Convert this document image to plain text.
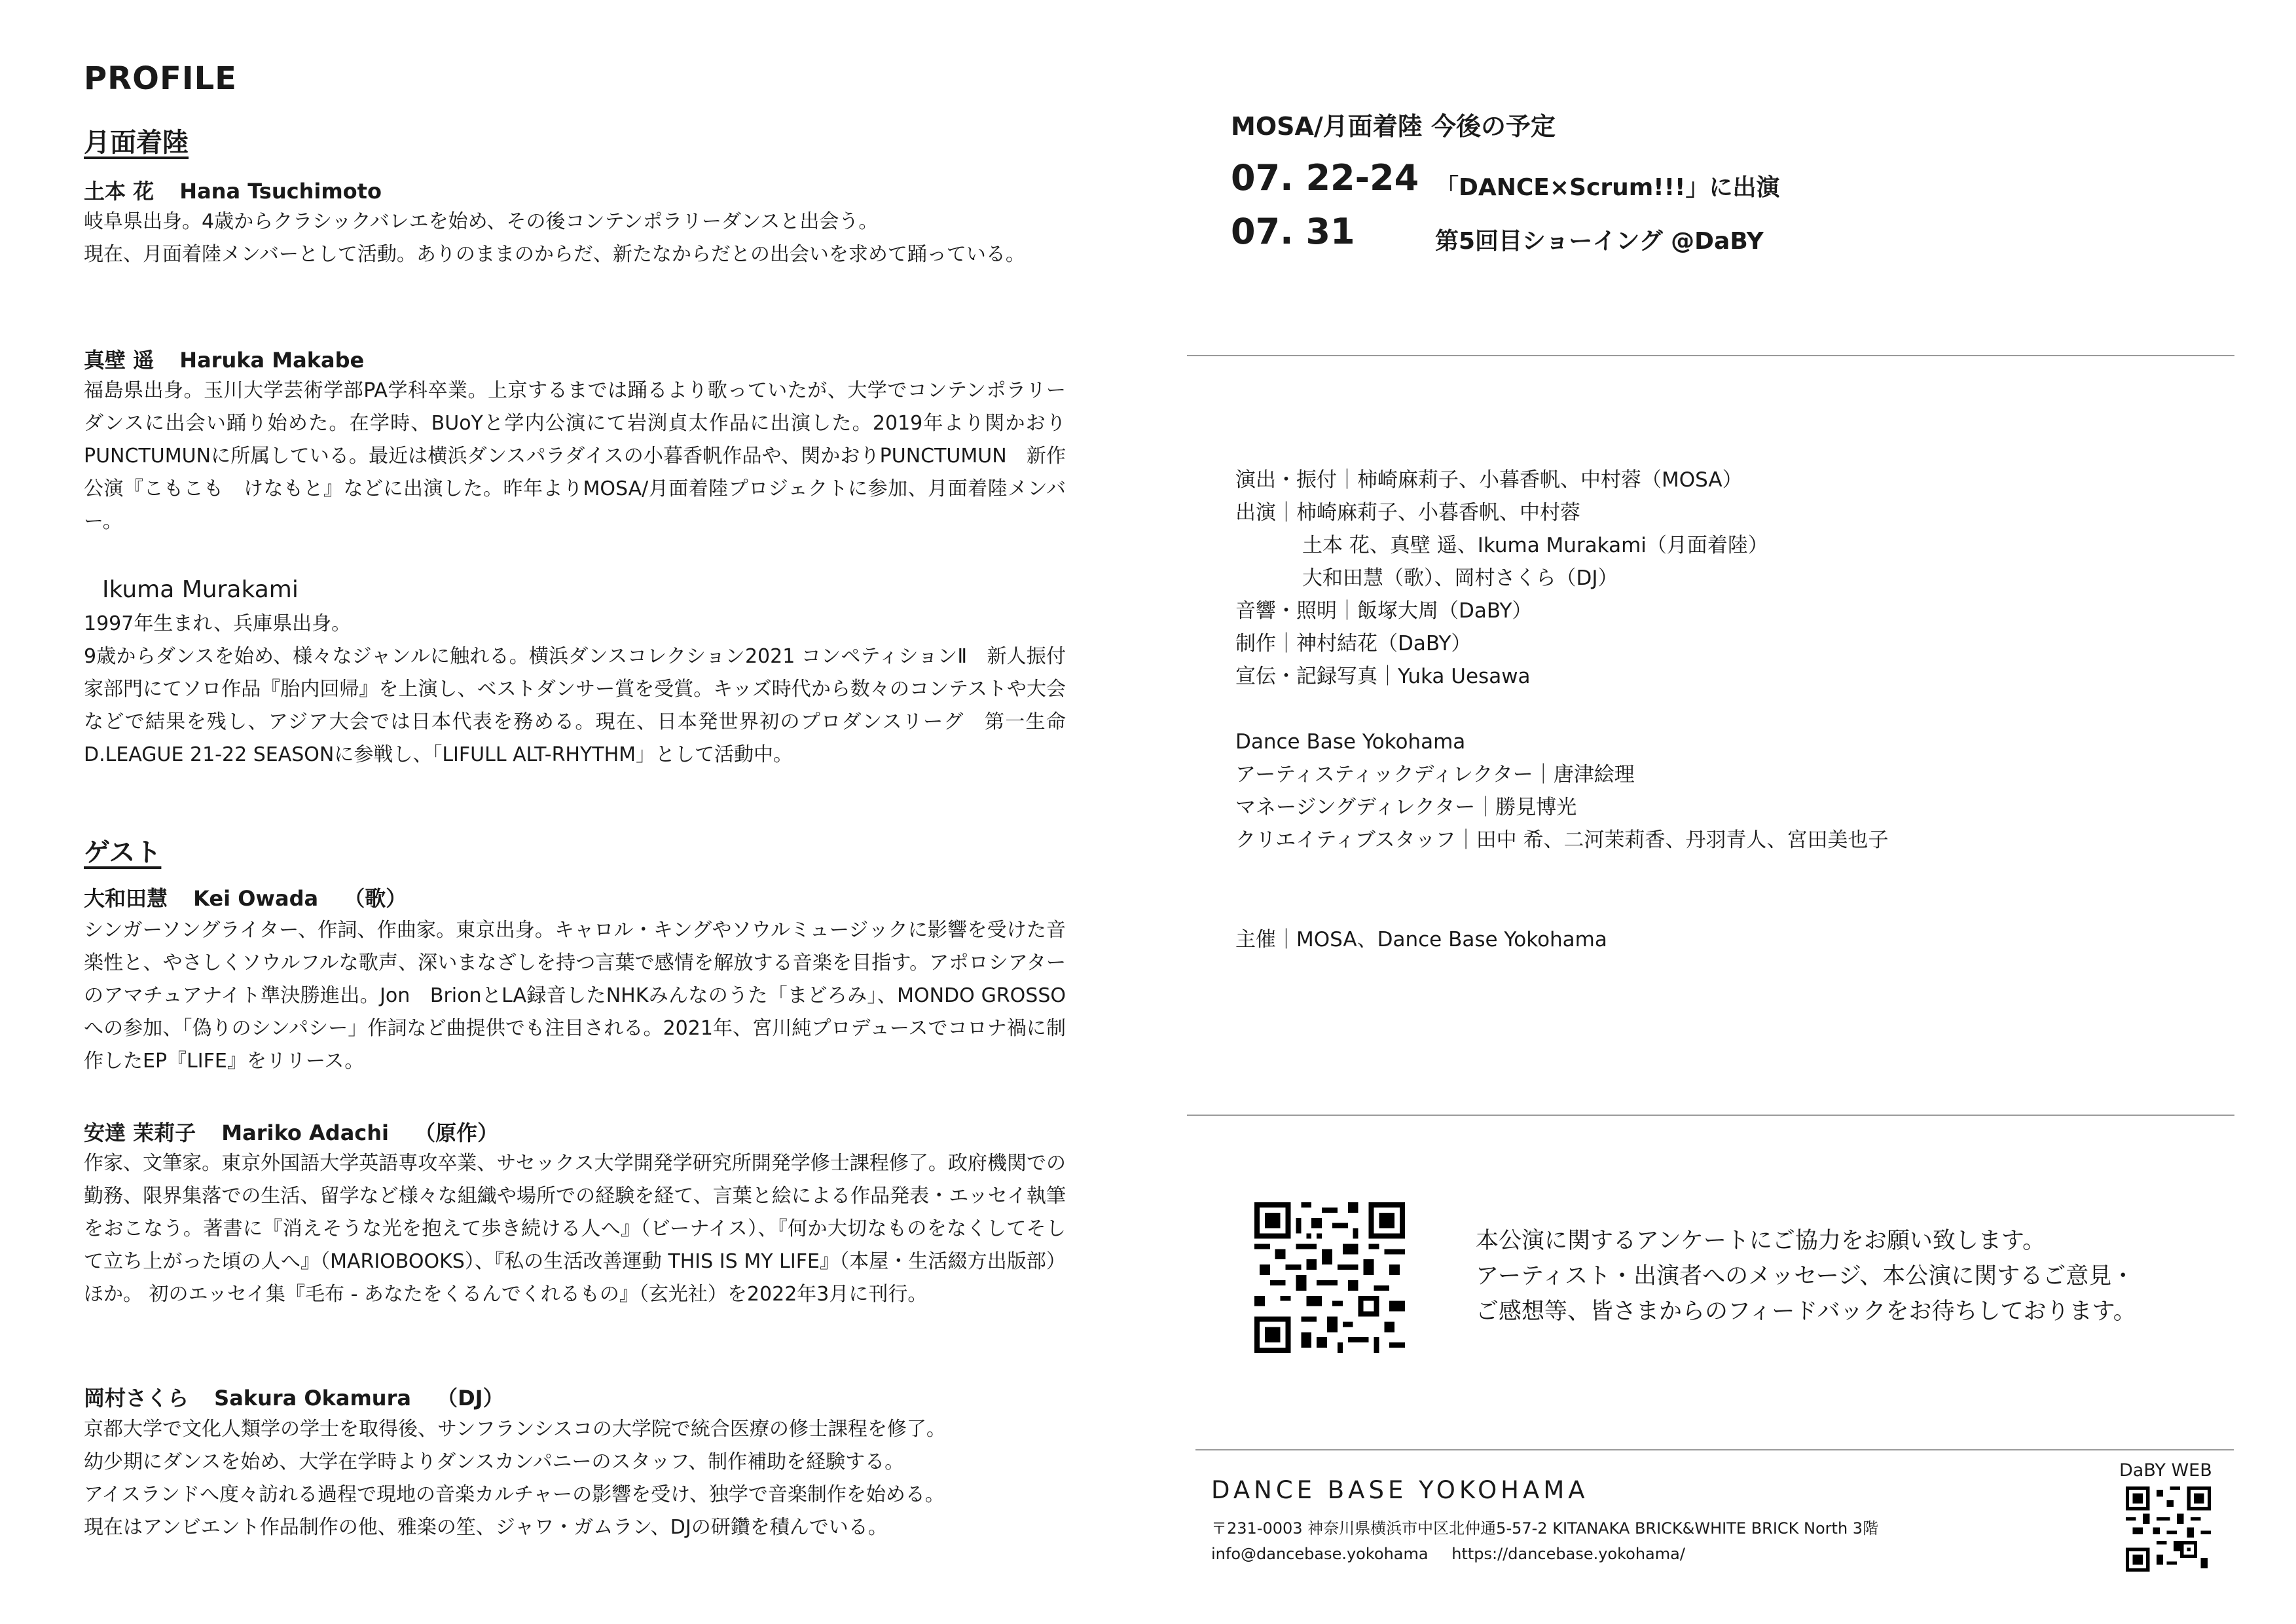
PROFILE
月面着陸
土本 花 Hana Tsuchimoto

岐阜県出身。4歳からクラシックバレエを始め、その後コンテンポラリーダンスと出会う。

現在、月面着陸メンバーとして活動。ありのままのからだ、新たなからだとの出会いを求めて踊っている。

真壁 遥 Haruka Makabe

福島県出身。玉川大学芸術学部PA学科卒業。上京するまでは踊るより歌っていたが、大学でコンテンポラリーダンスに出会い踊り始めた。在学時、BUoYと学内公演にて岩渕貞太作品に出演した。2019年より関かおりPUNCTUMUNに所属している。最近は横浜ダンスパラダイスの小暮香帆作品や、関かおりPUNCTUMUN　新作公演『こもこも　けなもと』などに出演した。昨年よりMOSA/月面着陸プロジェクトに参加、月面着陸メンバー。

Ikuma Murakami

1997年生まれ、兵庫県出身。

9歳からダンスを始め、様々なジャンルに触れる。横浜ダンスコレクション2021 コンペティションⅡ　新人振付家部門にてソロ作品『胎内回帰』を上演し、ベストダンサー賞を受賞。キッズ時代から数々のコンテストや大会などで結果を残し、アジア大会では日本代表を務める。現在、日本発世界初のプロダンスリーグ　第一生命　D.LEAGUE 21-22 SEASONに参戦し、「LIFULL ALT-RHYTHM」として活動中。

ゲスト
大和田慧 Kei Owada （歌）

シンガーソングライター、作詞、作曲家。東京出身。キャロル・キングやソウルミュージックに影響を受けた音楽性と、やさしくソウルフルな歌声、深いまなざしを持つ言葉で感情を解放する音楽を目指す。アポロシアターのアマチュアナイト準決勝進出。Jon　BrionとLA録音したNHKみんなのうた「まどろみ」、MONDO GROSSOへの参加、「偽りのシンパシー」作詞など曲提供でも注目される。2021年、宮川純プロデュースでコロナ禍に制作したEP『LIFE』をリリース。

安達 茉莉子 Mariko Adachi （原作）

作家、文筆家。東京外国語大学英語専攻卒業、サセックス大学開発学研究所開発学修士課程修了。政府機関での勤務、限界集落での生活、留学など様々な組織や場所での経験を経て、言葉と絵による作品発表・エッセイ執筆をおこなう。著書に『消えそうな光を抱えて歩き続ける人へ』（ビーナイス）、『何か大切なものをなくしてそして立ち上がった頃の人へ』（MARIOBOOKS）、『私の生活改善運動 THIS IS MY LIFE』（本屋・生活綴方出版部）ほか。 初のエッセイ集『毛布 - あなたをくるんでくれるもの』（玄光社）を2022年3月に刊行。

岡村さくら Sakura Okamura （DJ）

京都大学で文化人類学の学士を取得後、サンフランシスコの大学院で統合医療の修士課程を修了。

幼少期にダンスを始め、大学在学時よりダンスカンパニーのスタッフ、制作補助を経験する。

アイスランドへ度々訪れる過程で現地の音楽カルチャーの影響を受け、独学で音楽制作を始める。

現在はアンビエント作品制作の他、雅楽の笙、ジャワ・ガムラン、DJの研鑽を積んでいる。

MOSA/月面着陸 今後の予定
07. 22-24 「DANCE×Scrum!!!」に出演
07. 31	第5回目ショーイング @DaBY
演出・振付｜柿崎麻莉子、小暮香帆、中村蓉（MOSA）
出演｜柿崎麻莉子、小暮香帆、中村蓉
土本 花、真壁 遥、Ikuma Murakami（月面着陸）
大和田慧（歌）、岡村さくら（DJ）
音響・照明｜飯塚大周（DaBY）
制作｜神村結花（DaBY）
宣伝・記録写真｜Yuka Uesawa
Dance Base Yokohama
アーティスティックディレクター｜唐津絵理
マネージングディレクター｜勝見博光
クリエイティブスタッフ｜田中 希、二河茉莉香、丹羽青人、宮田美也子
主催｜MOSA、Dance Base Yokohama
本公演に関するアンケートにご協力をお願い致します。
アーティスト・出演者へのメッセージ、本公演に関するご意見・
ご感想等、皆さまからのフィードバックをお待ちしております。
DANCE BASE YOKOHAMA
〒231-0003 神奈川県横浜市中区北仲通5-57-2 KITANAKA BRICK&WHITE BRICK North 3階
info@dancebase.yokohama https://dancebase.yokohama/
DaBY WEB
